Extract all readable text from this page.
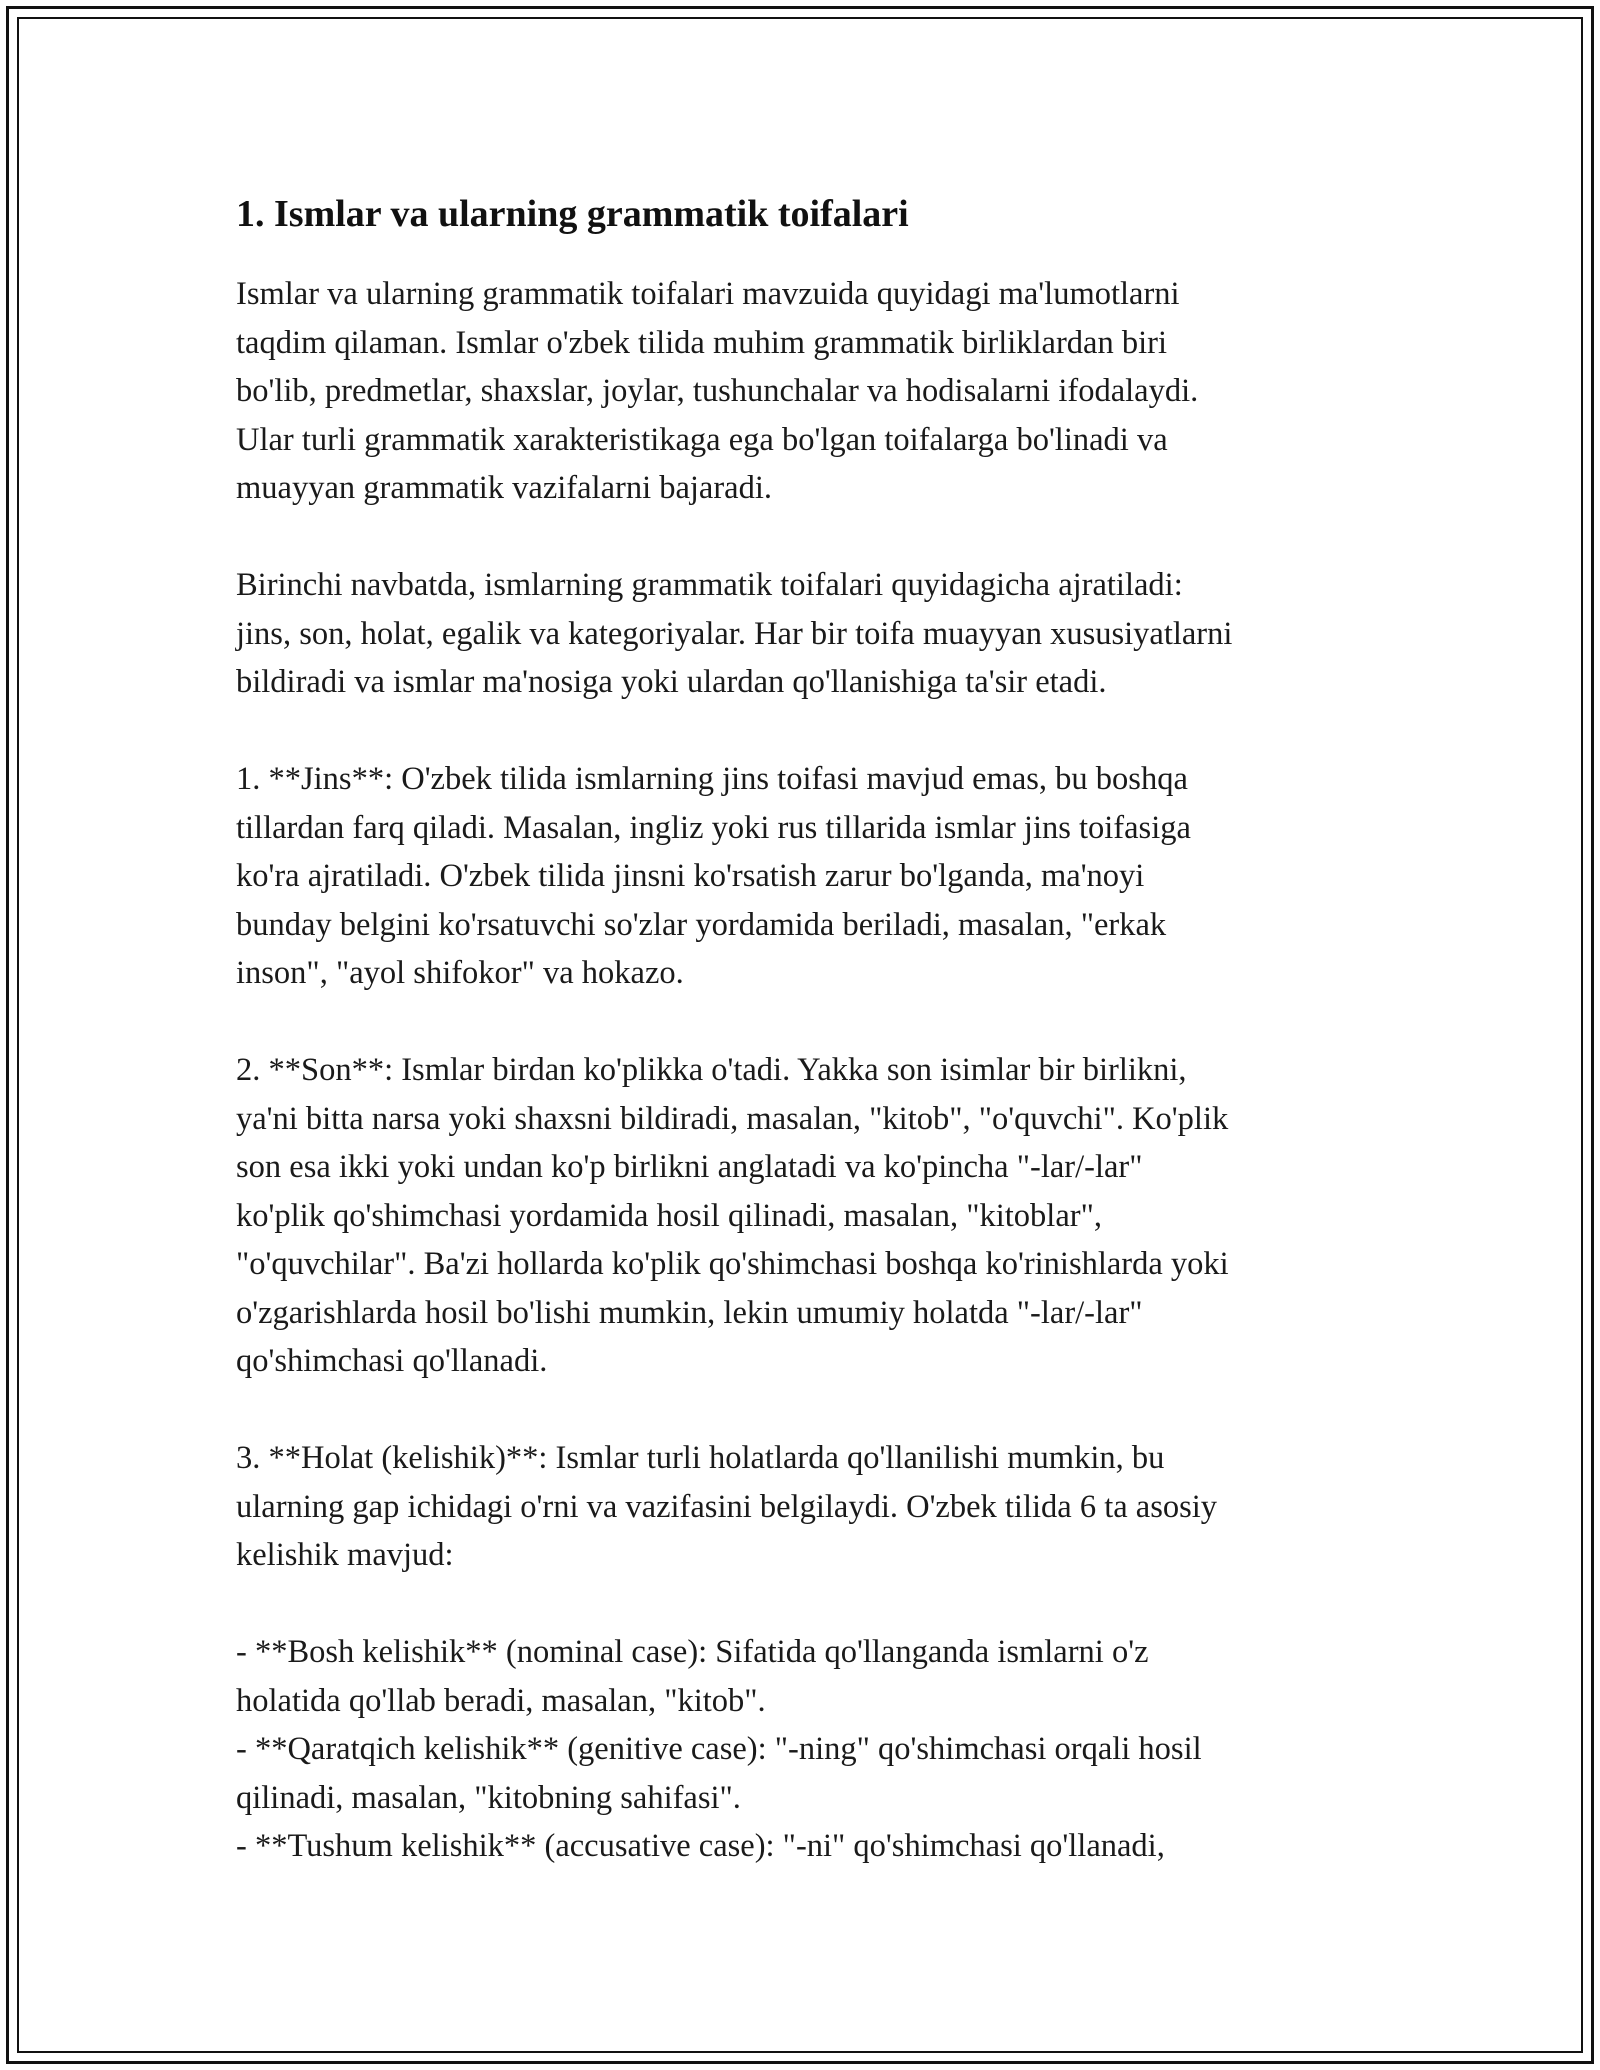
1. Ismlar va ularning grammatik toifalari

Ismlar va ularning grammatik toifalari mavzuida quyidagi ma'lumotlarni
taqdim qilaman. Ismlar o'zbek tilida muhim grammatik birliklardan biri
bo'lib, predmetlar, shaxslar, joylar, tushunchalar va hodisalarni ifodalaydi.
Ular turli grammatik xarakteristikaga ega bo'lgan toifalarga bo'linadi va
muayyan grammatik vazifalarni bajaradi.

Birinchi navbatda, ismlarning grammatik toifalari quyidagicha ajratiladi:
jins, son, holat, egalik va kategoriyalar. Har bir toifa muayyan xususiyatlarni
bildiradi va ismlar ma'nosiga yoki ulardan qo'llanishiga ta'sir etadi.

1. **Jins**: O'zbek tilida ismlarning jins toifasi mavjud emas, bu boshqa
tillardan farq qiladi. Masalan, ingliz yoki rus tillarida ismlar jins toifasiga
ko'ra ajratiladi. O'zbek tilida jinsni ko'rsatish zarur bo'lganda, ma'noyi
bunday belgini ko'rsatuvchi so'zlar yordamida beriladi, masalan, "erkak
inson", "ayol shifokor" va hokazo.

2. **Son**: Ismlar birdan ko'plikka o'tadi. Yakka son isimlar bir birlikni,
ya'ni bitta narsa yoki shaxsni bildiradi, masalan, "kitob", "o'quvchi". Ko'plik
son esa ikki yoki undan ko'p birlikni anglatadi va ko'pincha "-lar/-lar"
ko'plik qo'shimchasi yordamida hosil qilinadi, masalan, "kitoblar",
"o'quvchilar". Ba'zi hollarda ko'plik qo'shimchasi boshqa ko'rinishlarda yoki
o'zgarishlarda hosil bo'lishi mumkin, lekin umumiy holatda "-lar/-lar"
qo'shimchasi qo'llanadi.

3. **Holat (kelishik)**: Ismlar turli holatlarda qo'llanilishi mumkin, bu
ularning gap ichidagi o'rni va vazifasini belgilaydi. O'zbek tilida 6 ta asosiy
kelishik mavjud:

- **Bosh kelishik** (nominal case): Sifatida qo'llanganda ismlarni o'z
holatida qo'llab beradi, masalan, "kitob".
- **Qaratqich kelishik** (genitive case): "-ning" qo'shimchasi orqali hosil
qilinadi, masalan, "kitobning sahifasi".
- **Tushum kelishik** (accusative case): "-ni" qo'shimchasi qo'llanadi,
